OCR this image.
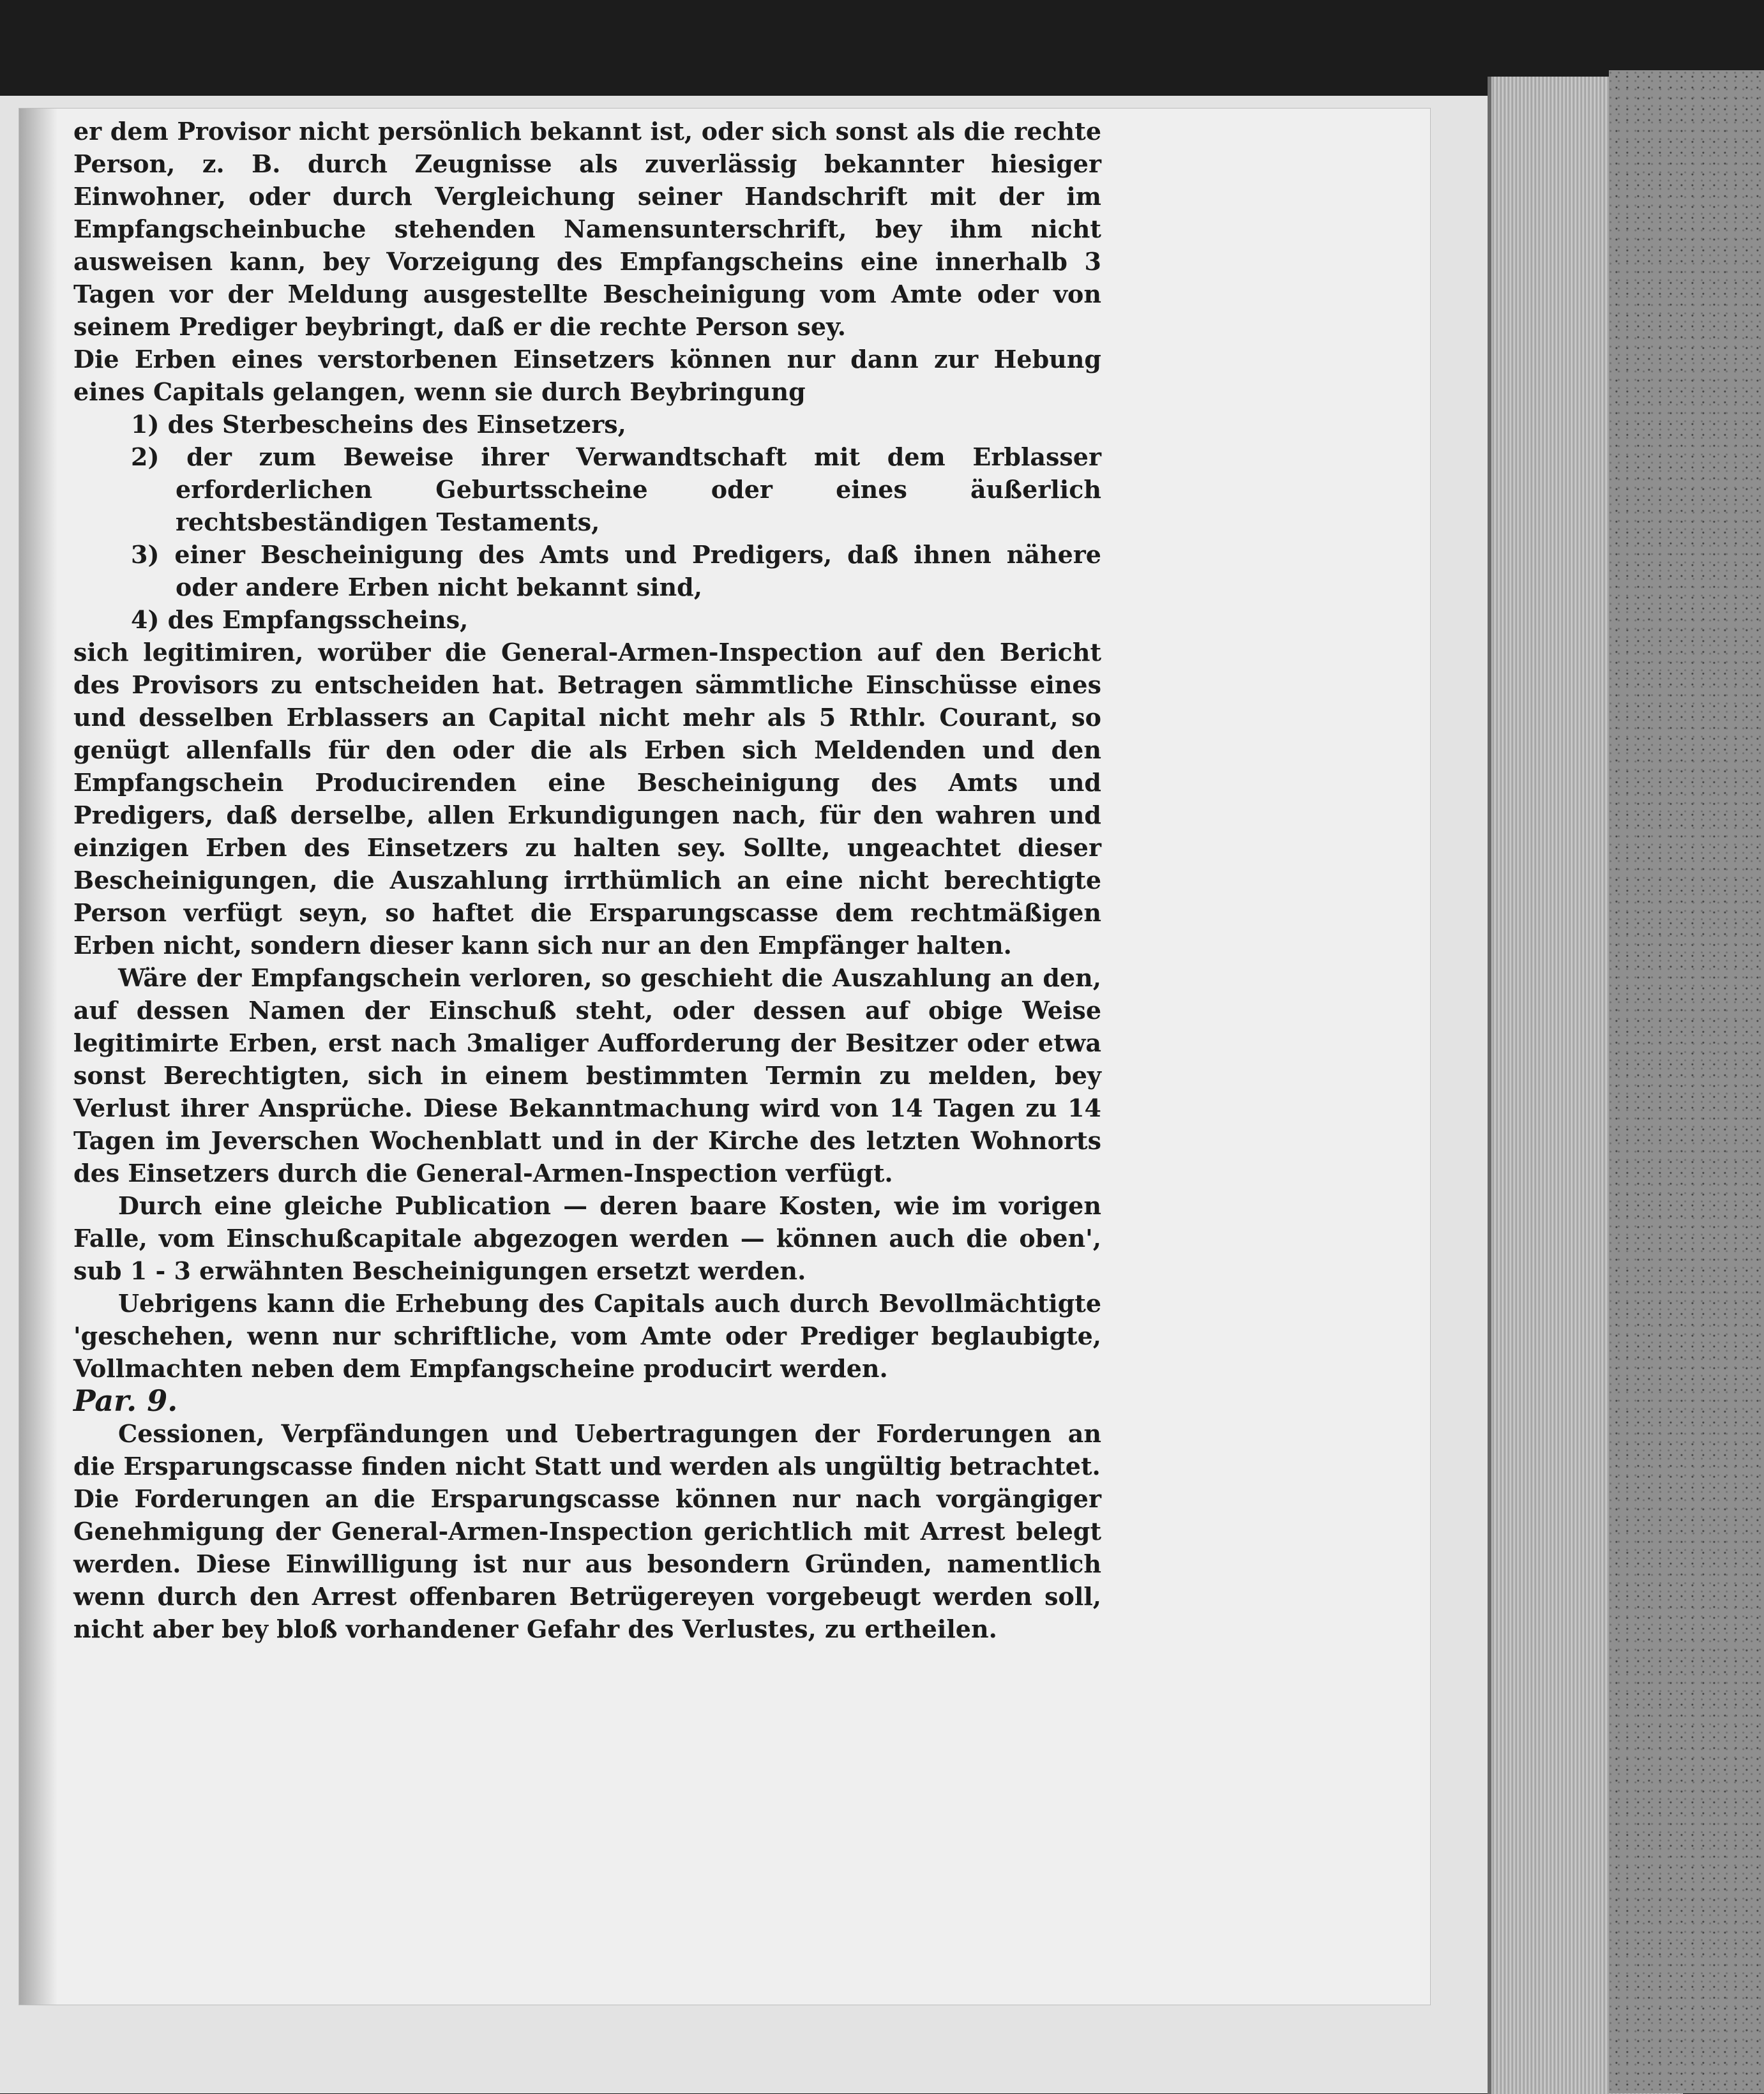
er dem Provisor nicht persönlich bekannt ist, oder sich sonst als die rechte Person, z. B. durch Zeugnisse als zuverlässig bekannter hiesiger Einwohner, oder durch Vergleichung seiner Handschrift mit der im Empfangscheinbuche stehenden Namensunterschrift, bey ihm nicht ausweisen kann, bey Vorzeigung des Empfangscheins eine innerhalb 3 Tagen vor der Meldung ausgestellte Bescheinigung vom Amte oder von seinem Prediger beybringt, daß er die rechte Person sey.

Die Erben eines verstorbenen Einsetzers können nur dann zur Hebung eines Capitals gelangen, wenn sie durch Beybringung

1) des Sterbescheins des Einsetzers,

2) der zum Beweise ihrer Verwandtschaft mit dem Erblasser erforderlichen Geburtsscheine oder eines äußerlich rechtsbeständigen Testaments,

3) einer Bescheinigung des Amts und Predigers, daß ihnen nähere oder andere Erben nicht bekannt sind,

4) des Empfangsscheins,

sich legitimiren, worüber die General-Armen-Inspection auf den Bericht des Provisors zu entscheiden hat. Betragen sämmtliche Einschüsse eines und desselben Erblassers an Capital nicht mehr als 5 Rthlr. Courant, so genügt allenfalls für den oder die als Erben sich Meldenden und den Empfangschein Producirenden eine Bescheinigung des Amts und Predigers, daß derselbe, allen Erkundigungen nach, für den wahren und einzigen Erben des Einsetzers zu halten sey. Sollte, ungeachtet dieser Bescheinigungen, die Auszahlung irrthümlich an eine nicht berechtigte Person verfügt seyn, so haftet die Ersparungscasse dem rechtmäßigen Erben nicht, sondern dieser kann sich nur an den Empfänger halten.

Wäre der Empfangschein verloren, so geschieht die Auszahlung an den, auf dessen Namen der Einschuß steht, oder dessen auf obige Weise legitimirte Erben, erst nach 3maliger Aufforderung der Besitzer oder etwa sonst Berechtigten, sich in einem bestimmten Termin zu melden, bey Verlust ihrer Ansprüche. Diese Bekanntmachung wird von 14 Tagen zu 14 Tagen im Jeverschen Wochenblatt und in der Kirche des letzten Wohnorts des Einsetzers durch die General-Armen-Inspection verfügt.

Durch eine gleiche Publication — deren baare Kosten, wie im vorigen Falle, vom Einschußcapitale abgezogen werden — können auch die oben', sub 1 - 3 erwähnten Bescheinigungen ersetzt werden.

Uebrigens kann die Erhebung des Capitals auch durch Bevollmächtigte 'geschehen, wenn nur schriftliche, vom Amte oder Prediger beglaubigte, Vollmachten neben dem Empfangscheine producirt werden.

Par. 9.

Cessionen, Verpfändungen und Uebertragungen der Forderungen an die Ersparungscasse finden nicht Statt und werden als ungültig betrachtet.

Die Forderungen an die Ersparungscasse können nur nach vorgängiger Genehmigung der General-Armen-Inspection gerichtlich mit Arrest belegt werden. Diese Einwilligung ist nur aus besondern Gründen, namentlich wenn durch den Arrest offenbaren Betrügereyen vorgebeugt werden soll, nicht aber bey bloß vorhandener Gefahr des Verlustes, zu ertheilen.
